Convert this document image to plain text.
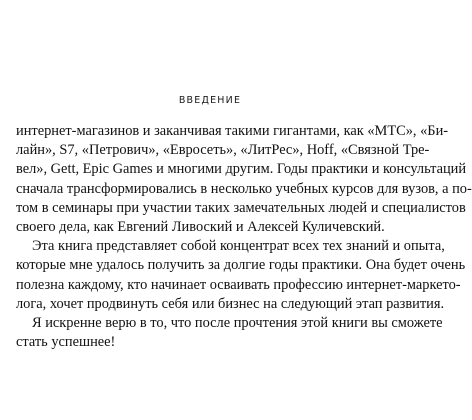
ВВЕДЕНИЕ
интернет-магазинов и заканчивая такими гигантами, как «МТС», «Би-
лайн», S7, «Петрович», «Евросеть», «ЛитРес», Hoff, «Связной Тре-
вел», Gett, Epic Games и многими другим. Годы практики и консультаций
сначала трансформировались в несколько учебных курсов для вузов, а по-
том в семинары при участии таких замечательных людей и специалистов
своего дела, как Евгений Ливоский и Алексей Куличевский.
Эта книга представляет собой концентрат всех тех знаний и опыта,
которые мне удалось получить за долгие годы практики. Она будет очень
полезна каждому, кто начинает осваивать профессию интернет-маркето-
лога, хочет продвинуть себя или бизнес на следующий этап развития.
Я искренне верю в то, что после прочтения этой книги вы сможете
стать успешнее!
